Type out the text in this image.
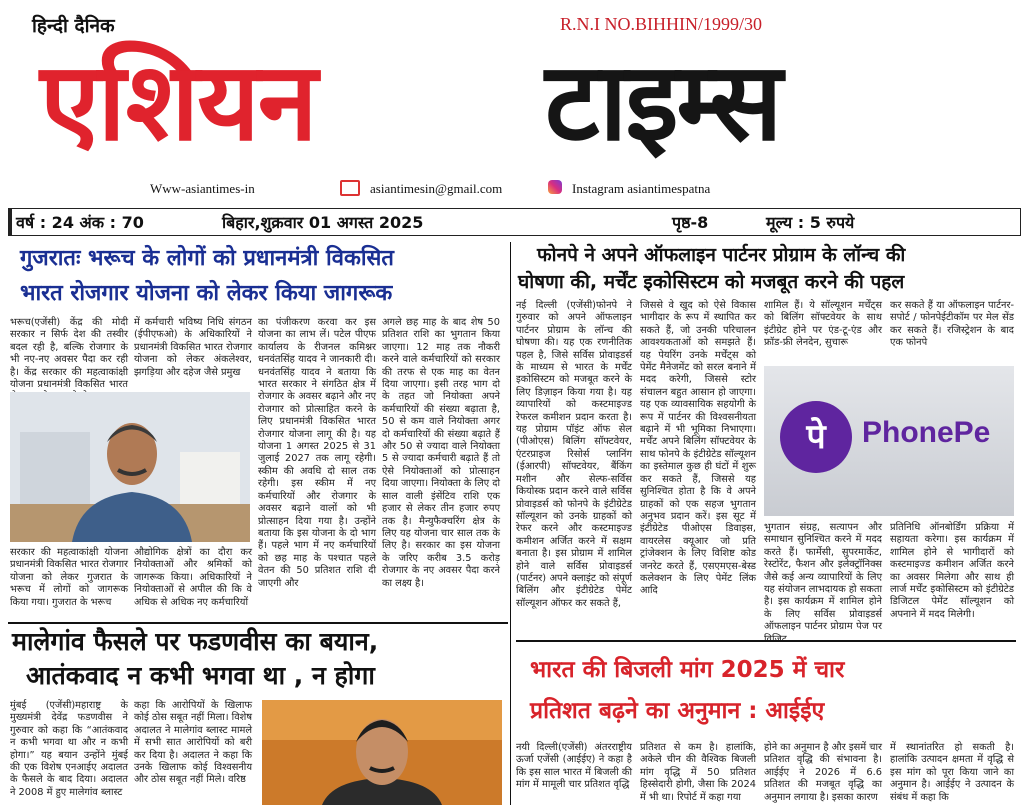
हिन्दी दैनिक	R.N.I NO.BIHHIN/1999/30
एशियन टाइम्स
Www-asiantimes-in	asiantimesin@gmail.com	Instagram asiantimespatna
वर्ष : 24 अंक : 70	बिहार,शुक्रवार 01 अगस्त 2025	पृष्ठ-8	मूल्य : 5 रुपये
गुजरातः भरूच के लोगों को प्रधानमंत्री विकसित
भारत रोजगार योजना को लेकर किया जागरूक
भरूच(एजेंसी) केंद्र की मोदी सरकार न सिर्फ देश की तस्वीर बदल रही है, बल्कि रोजगार के भी नए-नए अवसर पैदा कर रही है। केंद्र सरकार की महत्वाकांक्षी योजना प्रधानमंत्री विकसित भारत
में कर्मचारी भविष्य निधि संगठन (ईपीएफओ) के अधिकारियों ने प्रधानमंत्री विकसित भारत रोजगार योजना को लेकर अंकलेश्वर, झगड़िया और दहेज जैसे प्रमुख
सरकार की महत्वाकांक्षी योजना प्रधानमंत्री विकसित भारत रोजगार योजना को लेकर गुजरात के भरूच में लोगों को जागरूक किया गया। गुजरात के भरूच
औद्योगिक क्षेत्रों का दौरा कर नियोक्ताओं और श्रमिकों को जागरूक किया। अधिकारियों ने नियोक्ताओं से अपील की कि वे अधिक से अधिक नए कर्मचारियों
का पंजीकरण करवा कर इस योजना का लाभ लें। पटेल पीएफ कार्यालय के रीजनल कमिश्नर धनवंतसिंह यादव ने जानकारी दी। धनवंतसिंह यादव ने बताया कि भारत सरकार ने संगठित क्षेत्र में रोजगार के अवसर बढ़ाने और नए रोजगार को प्रोत्साहित करने के लिए प्रधानमंत्री विकसित भारत रोजगार योजना लागू की है। यह योजना 1 अगस्त 2025 से 31 जुलाई 2027 तक लागू रहेगी। स्कीम की अवधि दो साल तक रहेगी। इस स्कीम में नए कर्मचारियों और रोजगार के अवसर बढ़ाने वालों को भी प्रोत्साहन दिया गया है। उन्होंने बताया कि इस योजना के दो भाग हैं। पहले भाग में नए कर्मचारियों को छह माह के पश्चात पहले वेतन की 50 प्रतिशत राशि दी जाएगी और
अगले छह माह के बाद शेष 50 प्रतिशत राशि का भुगतान किया जाएगा। 12 माह तक नौकरी करने वाले कर्मचारियों को सरकार की तरफ से एक माह का वेतन दिया जाएगा। इसी तरह भाग दो के तहत जो नियोक्ता अपने कर्मचारियों की संख्या बढ़ाता है, 50 से कम वाले नियोक्ता अगर दो कर्मचारियों की संख्या बढ़ाते हैं और 50 से ज्यादा वाले नियोक्ता 5 से ज्यादा कर्मचारी बढ़ाते हैं तो ऐसे नियोक्ताओं को प्रोत्साहन दिया जाएगा। नियोक्ता के लिए दो साल वाली इंसेंटिव राशि एक हजार से लेकर तीन हजार रुपए तक है। मैन्युफैक्चरिंग क्षेत्र के लिए यह योजना चार साल तक के लिए है। सरकार का इस योजना के जरिए करीब 3.5 करोड़ रोजगार के नए अवसर पैदा करने का लक्ष्य है।
मालेगांव फैसले पर फडणवीस का बयान,
आतंकवाद न कभी भगवा था , न होगा
मुंबई (एजेंसी)महाराष्ट्र के मुख्यमंत्री देवेंद्र फडणवीस ने गुरुवार को कहा कि “आतंकवाद न कभी भगवा था और न कभी होगा।” यह बयान उन्होंने मुंबई की एक विशेष एनआईए अदालत के फैसले के बाद दिया। अदालत ने 2008 में हुए मालेगांव ब्लास्ट
कहा कि आरोपियों के खिलाफ कोई ठोस सबूत नहीं मिला। विशेष अदालत ने मालेगांव ब्लास्ट मामले में सभी सात आरोपियों को बरी कर दिया है। अदालत ने कहा कि उनके खिलाफ कोई विश्वसनीय और ठोस सबूत नहीं मिले। वरिष्ठ
फोनपे ने अपने ऑफलाइन पार्टनर प्रोग्राम के लॉन्च की
घोषणा की, मर्चेंट इकोसिस्टम को मजबूत करने की पहल
नई दिल्ली (एजेंसी)फोनपे ने गुरुवार को अपने ऑफलाइन पार्टनर प्रोग्राम के लॉन्च की घोषणा की। यह एक रणनीतिक पहल है, जिसे सर्विस प्रोवाइडर्स के माध्यम से भारत के मर्चेंट इकोसिस्टम को मजबूत करने के लिए डिज़ाइन किया गया है। यह व्यापारियों को कस्टमाइज्ड रेफरल कमीशन प्रदान करता है। यह प्रोग्राम पॉइंट ऑफ सेल (पीओएस) बिलिंग सॉफ्टवेयर, एंटरप्राइज रिसोर्स प्लानिंग (ईआरपी) सॉफ्टवेयर, बैंकिंग मशीन और सेल्फ-सर्विस कियोस्क प्रदान करने वाले सर्विस प्रोवाइडर्स को फोनपे के इंटीग्रेटेड सॉल्यूशन को उनके ग्राहकों को रेफर करने और कस्टमाइज्ड कमीशन अर्जित करने में सक्षम बनाता है। इस प्रोग्राम में शामिल होने वाले सर्विस प्रोवाइडर्स (पार्टनर) अपने क्लाइंट को संपूर्ण बिलिंग और इंटीग्रेटेड पेमेंट सॉल्यूशन ऑफर कर सकते हैं,
जिससे वे खुद को ऐसे विकास भागीदार के रूप में स्थापित कर सकते हैं, जो उनकी परिचालन आवश्यकताओं को समझते हैं। यह पेयरिंग उनके मर्चेंट्स को पेमेंट मैनेजमेंट को सरल बनाने में मदद करेगी, जिससे स्टोर संचालन बहुत आसान हो जाएगा। यह एक व्यावसायिक सहयोगी के रूप में पार्टनर की विश्वसनीयता बढ़ाने में भी भूमिका निभाएगा। मर्चेंट अपने बिलिंग सॉफ्टवेयर के साथ फोनपे के इंटीग्रेटेड सॉल्यूशन का इस्तेमाल कुछ ही घंटों में शुरू कर सकते हैं, जिससे यह सुनिश्चित होता है कि वे अपने ग्राहकों को एक सहज भुगतान अनुभव प्रदान करें। इस सूट में इंटीग्रेटेड पीओएस डिवाइस, वायरलेस क्यूआर जो प्रति ट्रांजेक्शन के लिए विशिष्ट कोड जनरेट करते हैं, एसएमएस-बेस्ड कलेक्शन के लिए पेमेंट लिंक आदि
शामिल हैं। ये सॉल्यूशन मर्चेंट्स को बिलिंग सॉफ्टवेयर के साथ इंटीग्रेट होने पर एंड-टू-एंड और फ्रॉड-फ्री लेनदेन, सुचारू
कर सकते हैं या ऑफलाइन पार्टनर-सपोर्ट / फोनपेईटीकॉम पर मेल सेंड कर सकते हैं। रजिस्ट्रेशन के बाद एक फोनपे
पे	PhonePe
भुगतान संग्रह, सत्यापन और समाधान सुनिश्चित करने में मदद करते हैं। फार्मेसी, सुपरमार्केट, रेस्टोरेंट, फैशन और इलेक्ट्रॉनिक्स जैसे कई अन्य व्यापारियों के लिए यह संयोजन लाभदायक हो सकता है। इस कार्यक्रम में शामिल होने के लिए सर्विस प्रोवाइडर्स ऑफलाइन पार्टनर प्रोग्राम पेज पर
प्रतिनिधि ऑनबोर्डिंग प्रक्रिया में सहायता करेगा। इस कार्यक्रम में शामिल होने से भागीदारों को कस्टमाइज्ड कमीशन अर्जित करने का अवसर मिलेगा और साथ ही लार्ज मर्चेंट इकोसिस्टम को इंटीग्रेटेड डिजिटल पेमेंट सॉल्यूशन को अपनाने में मदद मिलेगी।
भारत की बिजली मांग 2025 में चार
प्रतिशत बढ़ने का अनुमान : आईईए
नयी दिल्ली(एजेंसी) अंतरराष्ट्रीय ऊर्जा एजेंसी (आईईए) ने कहा है कि इस साल भारत में बिजली की मांग में मामूली चार प्रतिशत वृद्धि
प्रतिशत से कम है। हालांकि, अकेले चीन की वैश्विक बिजली मांग वृद्धि में 50 प्रतिशत हिस्सेदारी होगी, जैसा कि 2024 में भी था। रिपोर्ट में कहा गया
होने का अनुमान है और इसमें चार प्रतिशत वृद्धि की संभावना है। आईईए ने 2026 में 6.6 प्रतिशत की मजबूत वृद्धि का अनुमान लगाया है। इसका कारण
में स्थानांतरित हो सकती है। हालांकि उत्पादन क्षमता में वृद्धि से इस मांग को पूरा किया जाने का अनुमान है। आईईए ने उत्पादन के संबंध में कहा कि
